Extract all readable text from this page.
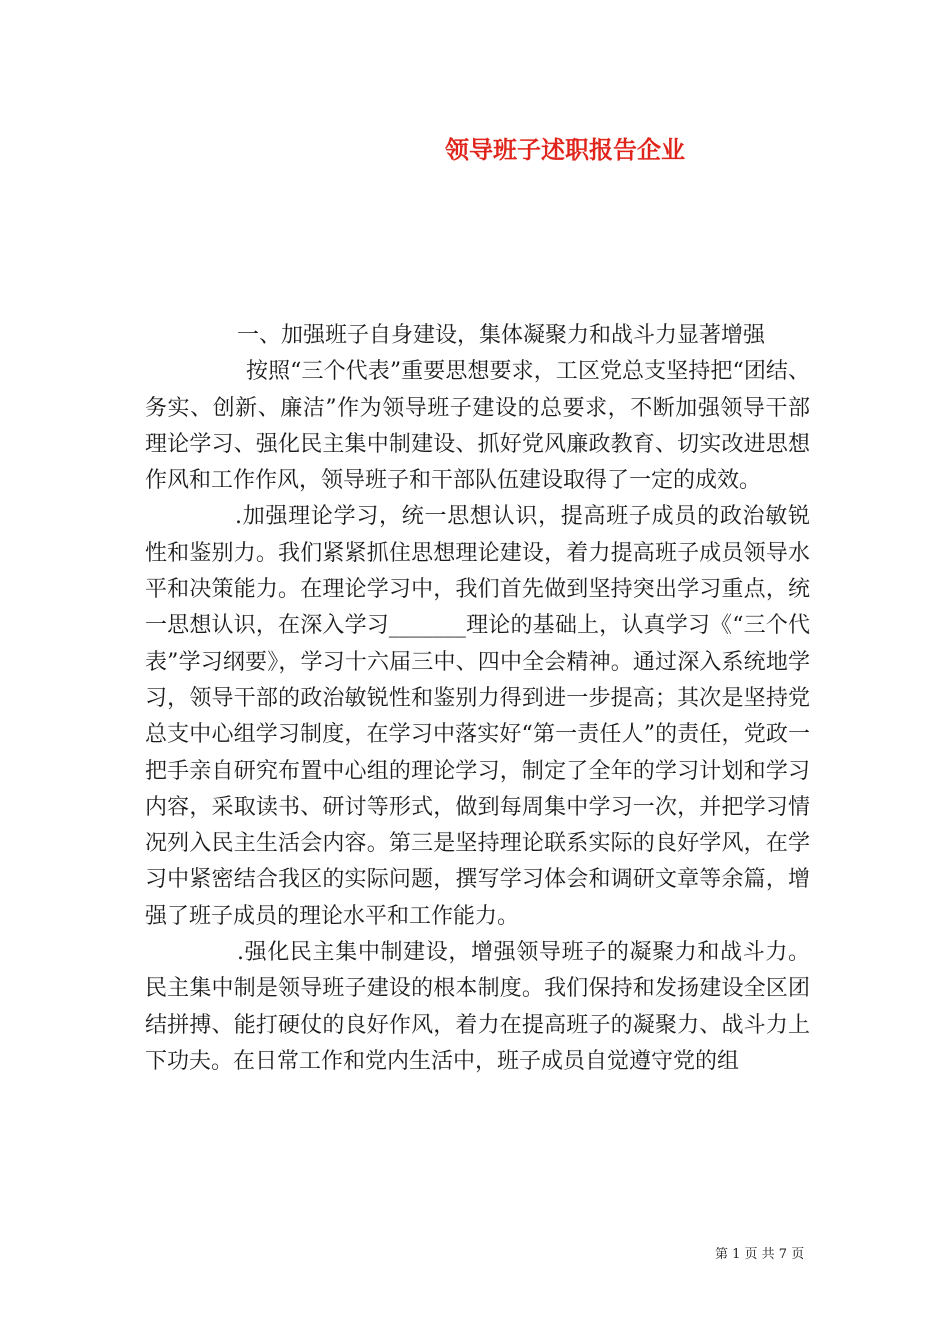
领导班子述职报告企业

一、加强班子自身建设，集体凝聚力和战斗力显著增强

按照“三个代表”重要思想要求，工区党总支坚持把“团结、务实、创新、廉洁”作为领导班子建设的总要求，不断加强领导干部理论学习、强化民主集中制建设、抓好党风廉政教育、切实改进思想作风和工作作风，领导班子和干部队伍建设取得了一定的成效。

.加强理论学习，统一思想认识，提高班子成员的政治敏锐性和鉴别力。我们紧紧抓住思想理论建设，着力提高班子成员领导水平和决策能力。在理论学习中，我们首先做到坚持突出学习重点，统一思想认识，在深入学习_______理论的基础上，认真学习《“三个代表”学习纲要》，学习十六届三中、四中全会精神。通过深入系统地学习，领导干部的政治敏锐性和鉴别力得到进一步提高；其次是坚持党总支中心组学习制度，在学习中落实好“第一责任人”的责任，党政一把手亲自研究布置中心组的理论学习，制定了全年的学习计划和学习内容，采取读书、研讨等形式，做到每周集中学习一次，并把学习情况列入民主生活会内容。第三是坚持理论联系实际的良好学风，在学习中紧密结合我区的实际问题，撰写学习体会和调研文章等余篇，增强了班子成员的理论水平和工作能力。

.强化民主集中制建设，增强领导班子的凝聚力和战斗力。民主集中制是领导班子建设的根本制度。我们保持和发扬建设全区团结拼搏、能打硬仗的良好作风，着力在提高班子的凝聚力、战斗力上下功夫。在日常工作和党内生活中，班子成员自觉遵守党的组

第 1 页 共 7 页
